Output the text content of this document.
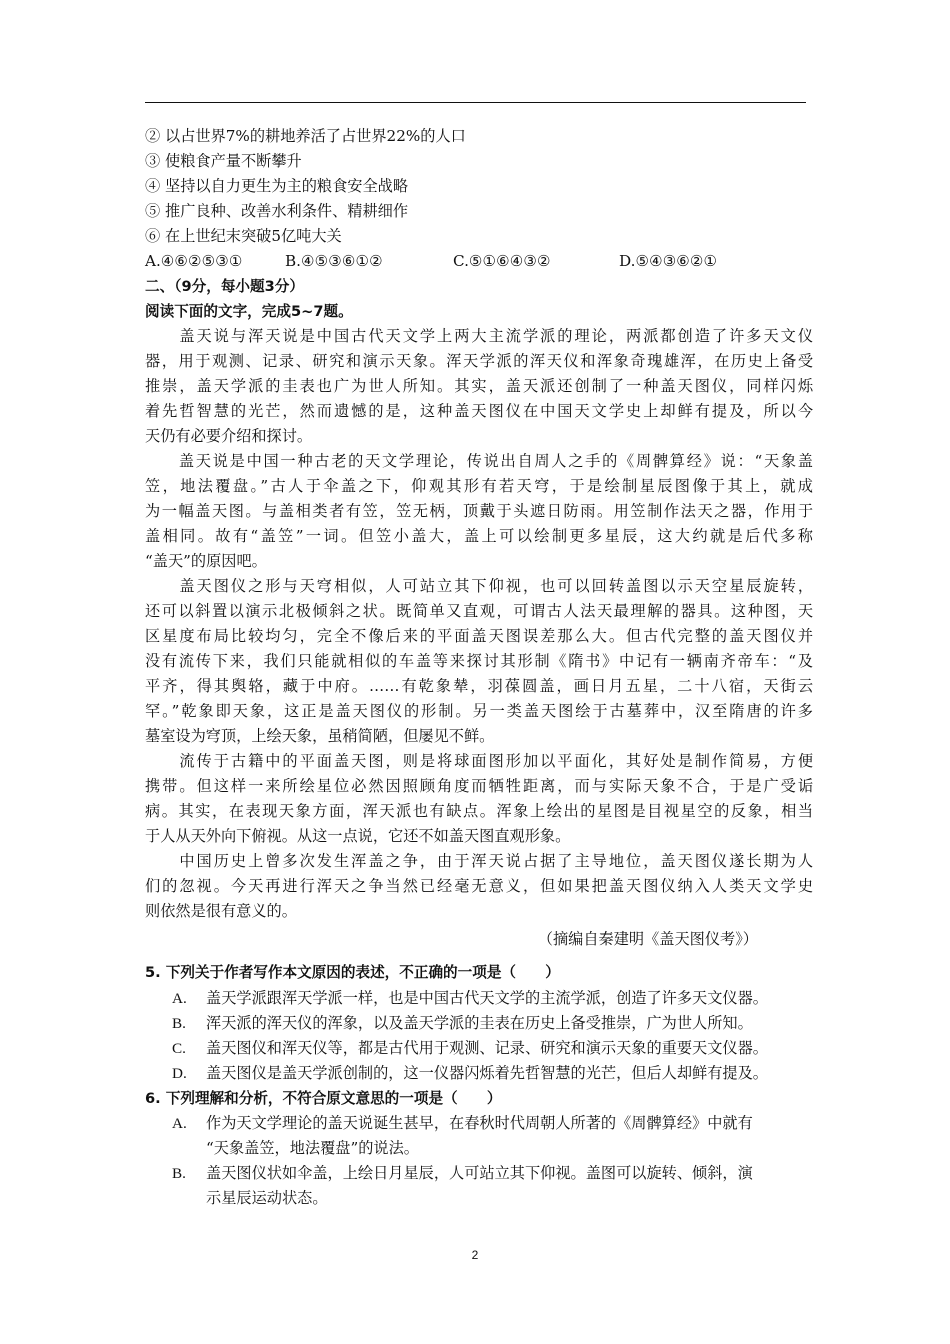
② 以占世界7%的耕地养活了占世界22%的人口
③ 使粮食产量不断攀升
④ 坚持以自力更生为主的粮食安全战略
⑤ 推广良种、改善水利条件、精耕细作
⑥ 在上世纪末突破5亿吨大关
A.④⑥②⑤③①	B.④⑤③⑥①②	C.⑤①⑥④③②	D.⑤④③⑥②①
二、（9分，每小题3分）
阅读下面的文字，完成5~7题。
　　盖天说与浑天说是中国古代天文学上两大主流学派的理论，两派都创造了许多天文仪
器，用于观测、记录、研究和演示天象。浑天学派的浑天仪和浑象奇瑰雄浑，在历史上备受
推崇，盖天学派的圭表也广为世人所知。其实，盖天派还创制了一种盖天图仪，同样闪烁
着先哲智慧的光芒，然而遗憾的是，这种盖天图仪在中国天文学史上却鲜有提及，所以今
天仍有必要介绍和探讨。
　　盖天说是中国一种古老的天文学理论，传说出自周人之手的《周髀算经》说：“天象盖
笠，地法覆盘。”古人于伞盖之下，仰观其形有若天穹，于是绘制星辰图像于其上，就成
为一幅盖天图。与盖相类者有笠，笠无柄，顶戴于头遮日防雨。用笠制作法天之器，作用于
盖相同。故有“盖笠”一词。但笠小盖大，盖上可以绘制更多星辰，这大约就是后代多称
“盖天”的原因吧。
　　盖天图仪之形与天穹相似，人可站立其下仰视，也可以回转盖图以示天空星辰旋转，
还可以斜置以演示北极倾斜之状。既简单又直观，可谓古人法天最理解的器具。这种图，天
区星度布局比较均匀，完全不像后来的平面盖天图误差那么大。但古代完整的盖天图仪并
没有流传下来，我们只能就相似的车盖等来探讨其形制《隋书》中记有一辆南齐帝车：“及
平齐，得其舆辂，藏于中府。……有乾象辇，羽葆圆盖，画日月五星，二十八宿，天街云
罕。”乾象即天象，这正是盖天图仪的形制。另一类盖天图绘于古墓葬中，汉至隋唐的许多
墓室设为穹顶，上绘天象，虽稍简陋，但屡见不鲜。
　　流传于古籍中的平面盖天图，则是将球面图形加以平面化，其好处是制作简易，方便
携带。但这样一来所绘星位必然因照顾角度而牺牲距离，而与实际天象不合，于是广受诟
病。其实，在表现天象方面，浑天派也有缺点。浑象上绘出的星图是目视星空的反象，相当
于人从天外向下俯视。从这一点说，它还不如盖天图直观形象。
　　中国历史上曾多次发生浑盖之争，由于浑天说占据了主导地位，盖天图仪遂长期为人
们的忽视。今天再进行浑天之争当然已经毫无意义，但如果把盖天图仪纳入人类天文学史
则依然是很有意义的。
（摘编自秦建明《盖天图仪考》）
5. 下列关于作者写作本文原因的表述，不正确的一项是（　　）
A.	盖天学派跟浑天学派一样，也是中国古代天文学的主流学派，创造了许多天文仪器。
B.	浑天派的浑天仪的浑象，以及盖天学派的圭表在历史上备受推崇，广为世人所知。
C.	盖天图仪和浑天仪等，都是古代用于观测、记录、研究和演示天象的重要天文仪器。
D.	盖天图仪是盖天学派创制的，这一仪器闪烁着先哲智慧的光芒，但后人却鲜有提及。
6. 下列理解和分析，不符合原文意思的一项是（　　）
A.	作为天文学理论的盖天说诞生甚早，在春秋时代周朝人所著的《周髀算经》中就有
“天象盖笠，地法覆盘”的说法。
B.	盖天图仪状如伞盖，上绘日月星辰，人可站立其下仰视。盖图可以旋转、倾斜，演
示星辰运动状态。
2
